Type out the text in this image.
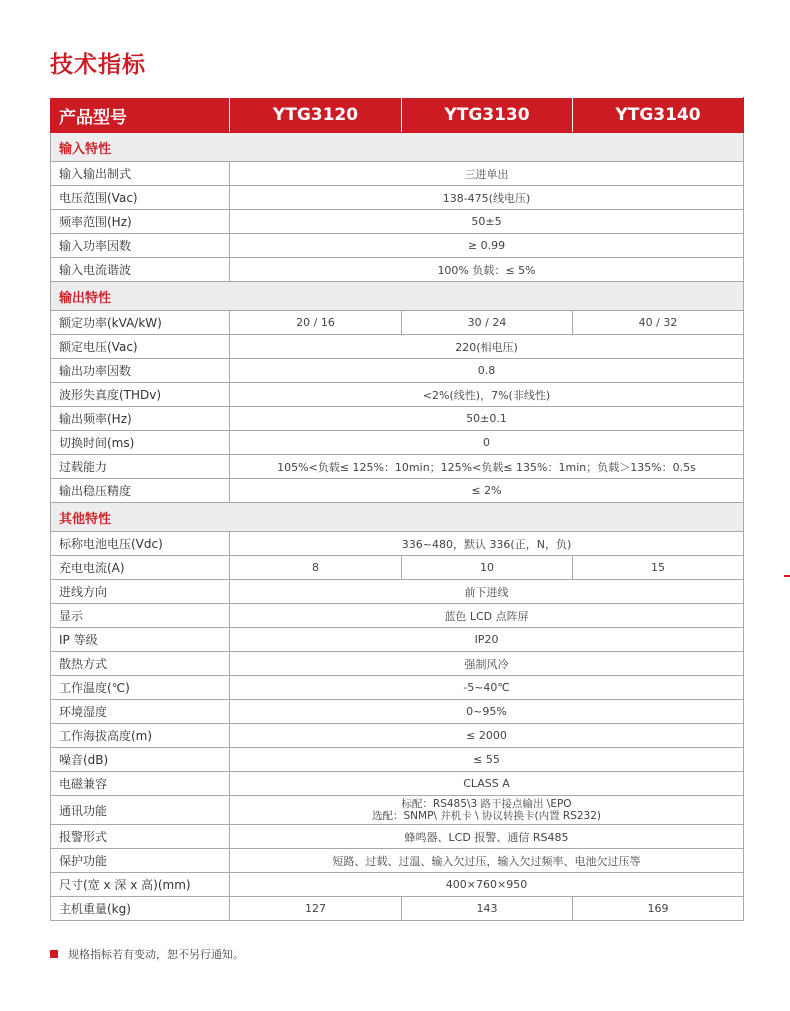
技术指标
产品型号	YTG3120	YTG3130	YTG3140
输入特性			
输入输出制式	三进单出		
电压范围(Vac)	138-475(线电压)		
频率范围(Hz)	50±5		
输入功率因数	≥ 0.99		
输入电流谐波	100% 负载：≤ 5%		
输出特性			
额定功率(kVA/kW)	20 / 16	30 / 24	40 / 32
额定电压(Vac)	220(相电压)		
输出功率因数	0.8		
波形失真度(THDv)	<2%(线性)，7%(非线性)		
输出频率(Hz)	50±0.1		
切换时间(ms)	0		
过载能力	105%<负载≤ 125%：10min；125%<负载≤ 135%：1min；负载＞135%：0.5s		
输出稳压精度	≤ 2%		
其他特性			
标称电池电压(Vdc)	336~480，默认 336(正，N，负)		
充电电流(A)	8	10	15
进线方向	前下进线		
显示	蓝色 LCD 点阵屏		
IP 等级	IP20		
散热方式	强制风冷		
工作温度(℃)	-5~40℃		
环境湿度	0~95%		
工作海拔高度(m)	≤ 2000		
噪音(dB)	≤ 55		
电磁兼容	CLASS A		
通讯功能	标配：RS485\3 路干接点输出 \EPO
选配：SNMP\ 并机卡 \ 协议转换卡(内置 RS232)		

报警形式	蜂鸣器、LCD 报警、通信 RS485		
保护功能	短路、过载、过温、输入欠过压，输入欠过频率、电池欠过压等		
尺寸(宽 x 深 x 高)(mm)	400×760×950		
主机重量(kg)	127	143	169
规格指标若有变动，恕不另行通知。
